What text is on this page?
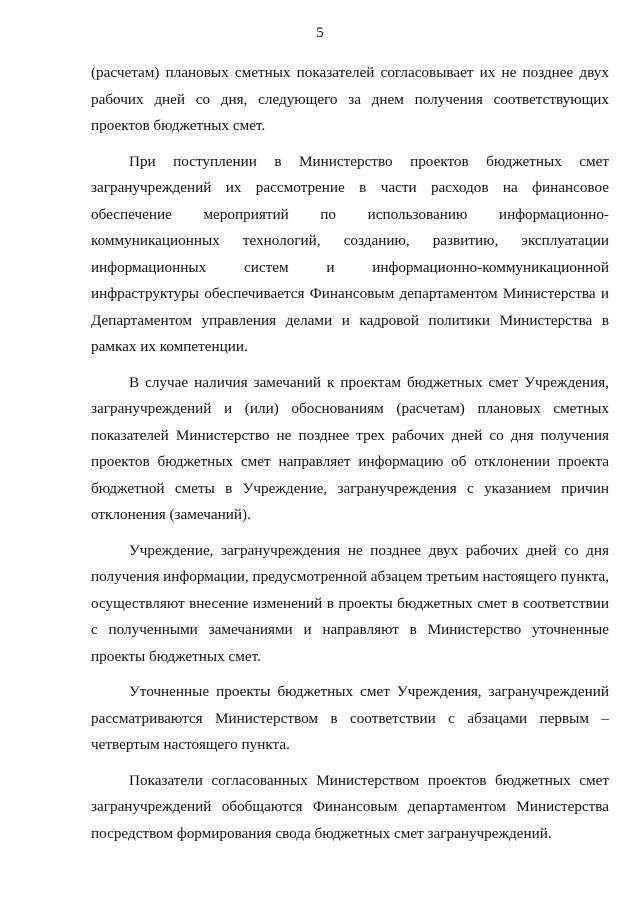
5

(расчетам) плановых сметных показателей согласовывает их не позднее двух рабочих дней со дня, следующего за днем получения соответствующих проектов бюджетных смет.

При поступлении в Министерство проектов бюджетных смет загранучреждений их рассмотрение в части расходов на финансовое обеспечение мероприятий по использованию информационно-коммуникационных технологий, созданию, развитию, эксплуатации информационных систем и информационно-коммуникационной инфраструктуры обеспечивается Финансовым департаментом Министерства и Департаментом управления делами и кадровой политики Министерства в рамках их компетенции.

В случае наличия замечаний к проектам бюджетных смет Учреждения, загранучреждений и (или) обоснованиям (расчетам) плановых сметных показателей Министерство не позднее трех рабочих дней со дня получения проектов бюджетных смет направляет информацию об отклонении проекта бюджетной сметы в Учреждение, загранучреждения с указанием причин отклонения (замечаний).

Учреждение, загранучреждения не позднее двух рабочих дней со дня получения информации, предусмотренной абзацем третьим настоящего пункта, осуществляют внесение изменений в проекты бюджетных смет в соответствии с полученными замечаниями и направляют в Министерство уточненные проекты бюджетных смет.

Уточненные проекты бюджетных смет Учреждения, загранучреждений рассматриваются Министерством в соответствии с абзацами первым – четвертым настоящего пункта.

Показатели согласованных Министерством проектов бюджетных смет загранучреждений обобщаются Финансовым департаментом Министерства посредством формирования свода бюджетных смет загранучреждений.
